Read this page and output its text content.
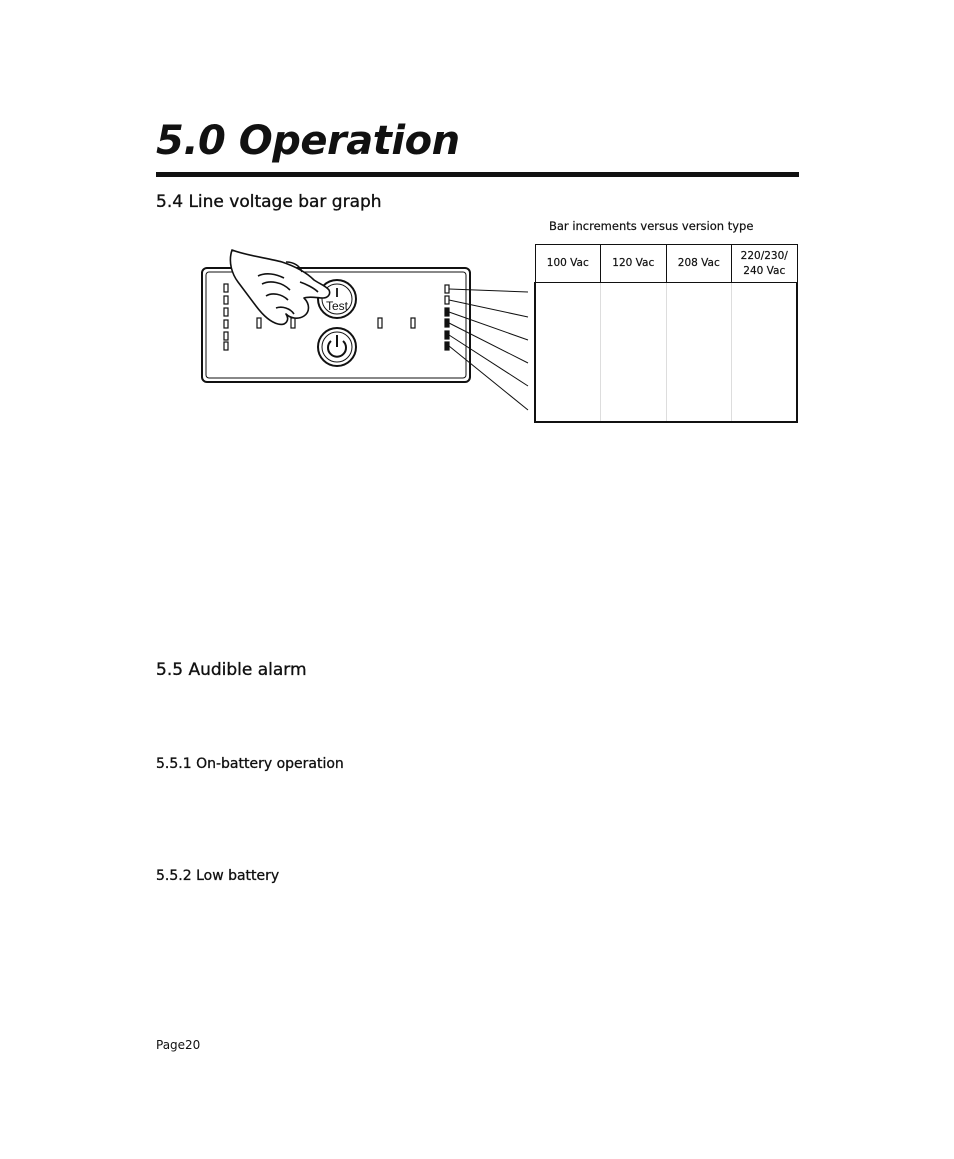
5.0 Operation
5.4 Line voltage bar graph
Bar increments versus version type
Test
100 Vac	120 Vac	208 Vac	220/230/
240 Vac

5.5 Audible alarm
5.5.1 On-battery operation
5.5.2 Low battery
Page20
